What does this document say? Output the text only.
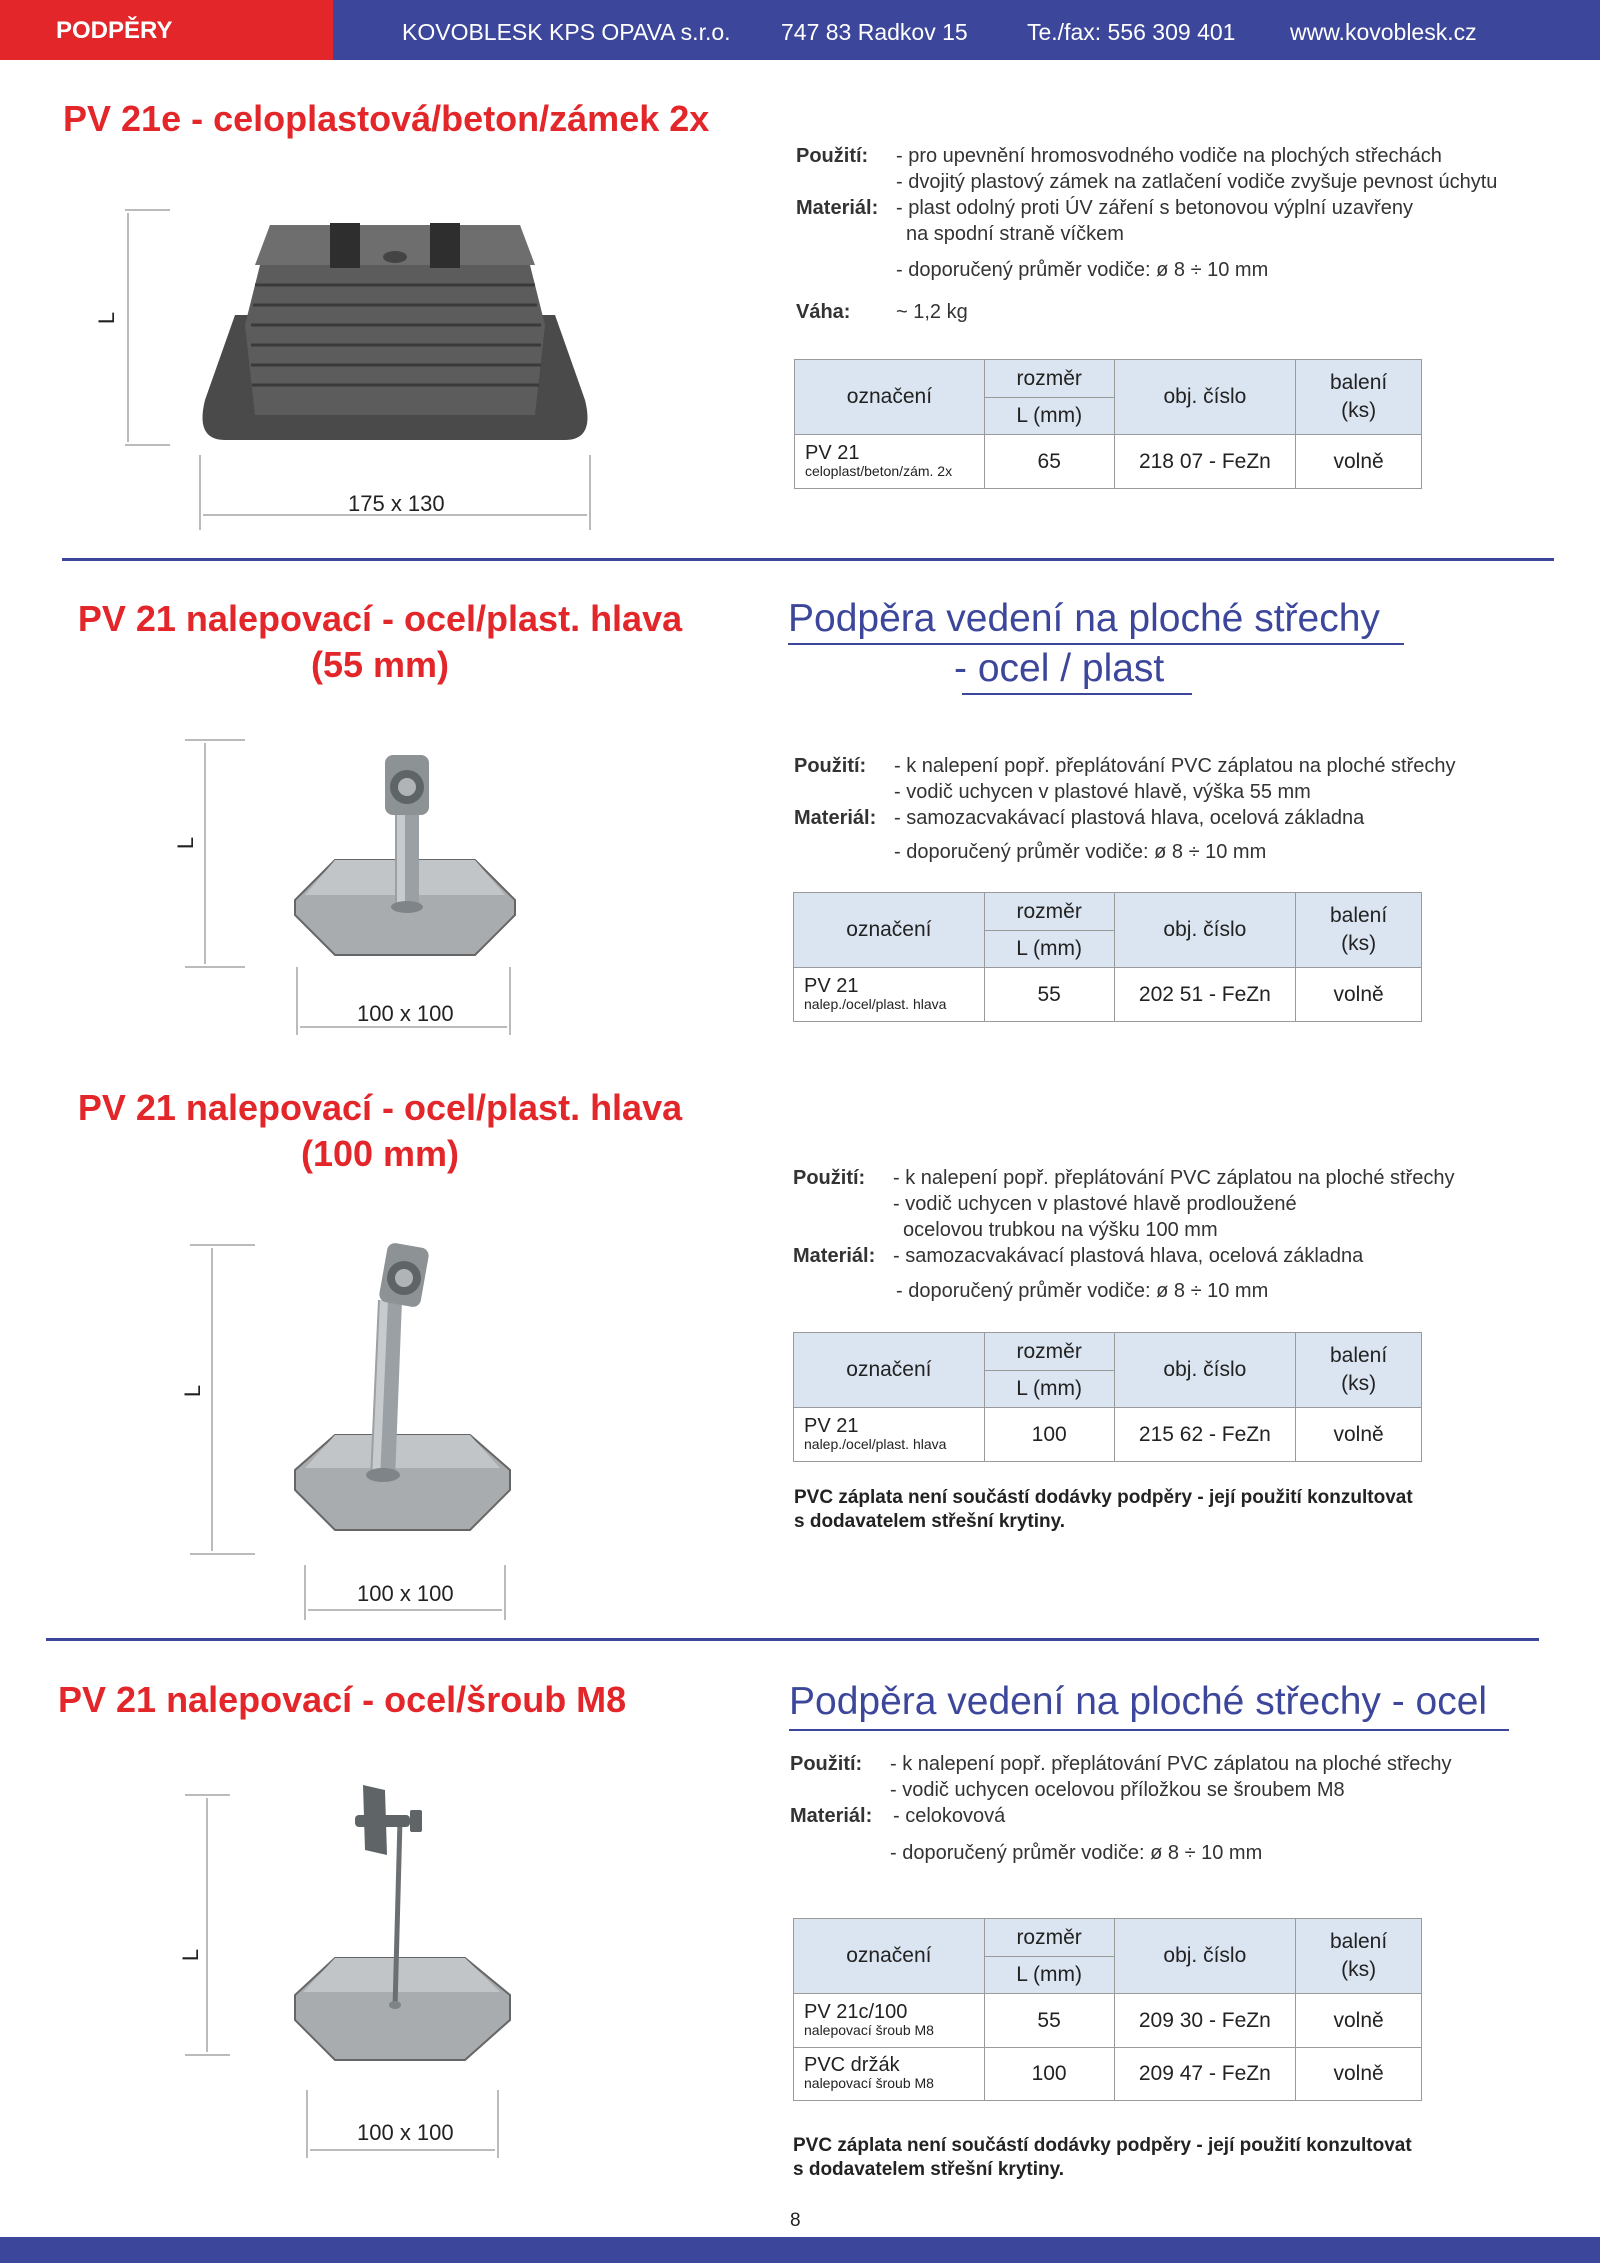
PODPĚRY	KOVOBLESK KPS OPAVA s.r.o. 747 83 Radkov 15	Te./fax: 556 309 401 www.kovoblesk.cz
PV 21e - celoplastová/beton/zámek 2x
L
175 x 130
Použití: - pro upevnění hromosvodného vodiče na plochých střechách
- dvojitý plastový zámek na zatlačení vodiče zvyšuje pevnost úchytu
Materiál: - plast odolný proti ÚV záření s betonovou výplní uzavřeny
na spodní straně víčkem
- doporučený průměr vodiče: ø 8 ÷ 10 mm
Váha: ~ 1,2 kg
označení	rozměr	obj. číslo	balení
(ks)
	L (mm)		

PV 21
celoplast/beton/zám. 2x	65	218 07 - FeZn	volně
PV 21 nalepovací - ocel/plast. hlava
(55 mm)
Podpěra vedení na ploché střechy
- ocel / plast
L
100 x 100
Použití: - k nalepení popř. přeplátování PVC záplatou na ploché střechy
- vodič uchycen v plastové hlavě, výška 55 mm
Materiál: - samozacvakávací plastová hlava, ocelová základna
- doporučený průměr vodiče: ø 8 ÷ 10 mm
označení	rozměr	obj. číslo	balení
(ks)
	L (mm)		

PV 21
nalep./ocel/plast. hlava	55	202 51 - FeZn	volně
PV 21 nalepovací - ocel/plast. hlava
(100 mm)
L
100 x 100
Použití: - k nalepení popř. přeplátování PVC záplatou na ploché střechy
- vodič uchycen v plastové hlavě prodloužené
ocelovou trubkou na výšku 100 mm
Materiál: - samozacvakávací plastová hlava, ocelová základna
- doporučený průměr vodiče: ø 8 ÷ 10 mm
označení	rozměr	obj. číslo	balení
(ks)
	L (mm)		

PV 21
nalep./ocel/plast. hlava	100	215 62 - FeZn	volně
PVC záplata není součástí dodávky podpěry - její použití konzultovat
s dodavatelem střešní krytiny.
PV 21 nalepovací - ocel/šroub M8	Podpěra vedení na ploché střechy - ocel
L
100 x 100
Použití: - k nalepení popř. přeplátování PVC záplatou na ploché střechy
- vodič uchycen ocelovou příložkou se šroubem M8
Materiál: - celokovová
- doporučený průměr vodiče: ø 8 ÷ 10 mm
označení	rozměr	obj. číslo	balení
(ks)
	L (mm)		

PV 21c/100
nalepovací šroub M8	55	209 30 - FeZn	volně

PVC držák
nalepovací šroub M8	100	209 47 - FeZn	volně
PVC záplata není součástí dodávky podpěry - její použití konzultovat
s dodavatelem střešní krytiny.
8
